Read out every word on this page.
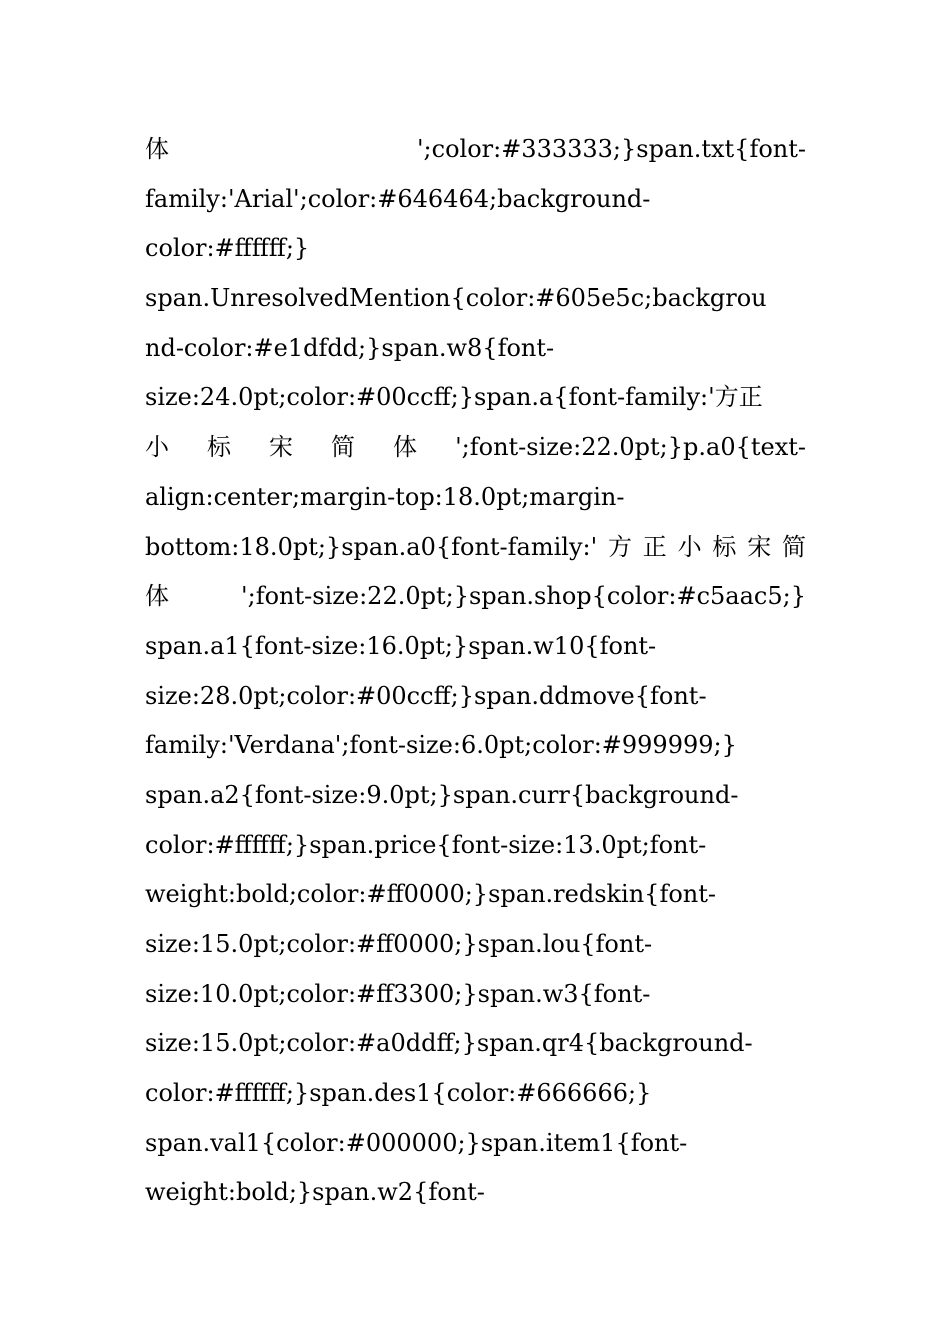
体 ';color:#333333;}span.txt{font-
family:'Arial';color:#646464;background-
color:#ffffff;}
span.UnresolvedMention{color:#605e5c;backgrou
nd-color:#e1dfdd;}span.w8{font-
size:24.0pt;color:#00ccff;}span.a{font-family:'方正
小 标 宋 简 体 ';font-size:22.0pt;}p.a0{text-
align:center;margin-top:18.0pt;margin-
bottom:18.0pt;}span.a0{font-family:'方正小标宋简
体 ';font-size:22.0pt;}span.shop{color:#c5aac5;}
span.a1{font-size:16.0pt;}span.w10{font-
size:28.0pt;color:#00ccff;}span.ddmove{font-
family:'Verdana';font-size:6.0pt;color:#999999;}
span.a2{font-size:9.0pt;}span.curr{background-
color:#ffffff;}span.price{font-size:13.0pt;font-
weight:bold;color:#ff0000;}span.redskin{font-
size:15.0pt;color:#ff0000;}span.lou{font-
size:10.0pt;color:#ff3300;}span.w3{font-
size:15.0pt;color:#a0ddff;}span.qr4{background-
color:#ffffff;}span.des1{color:#666666;}
span.val1{color:#000000;}span.item1{font-
weight:bold;}span.w2{font-
